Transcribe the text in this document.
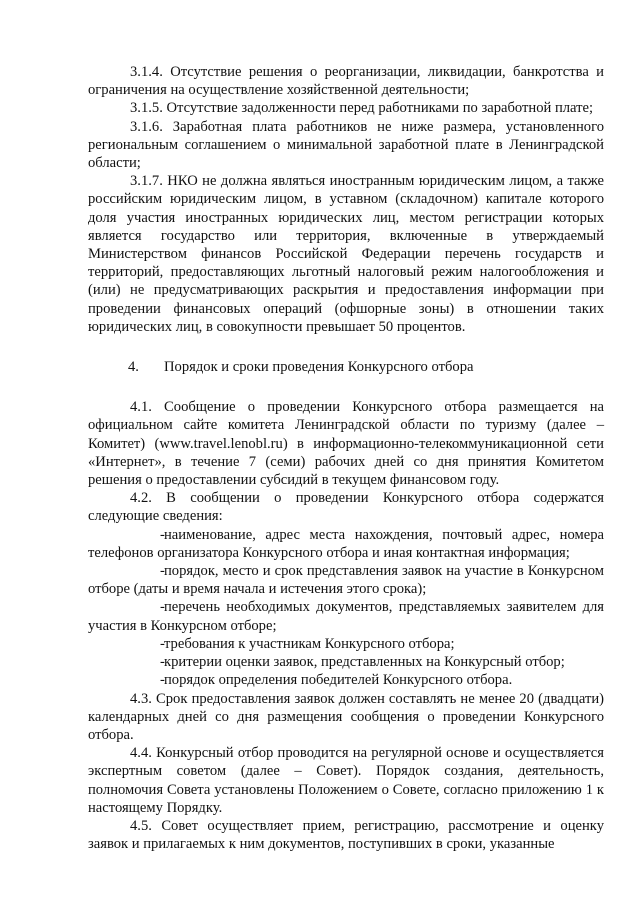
3.1.4. Отсутствие решения о реорганизации, ликвидации, банкротства и ограничения на осуществление хозяйственной деятельности;

3.1.5. Отсутствие задолженности перед работниками по заработной плате;

3.1.6. Заработная плата работников не ниже размера, установленного региональным соглашением о минимальной заработной плате в Ленинградской области;

3.1.7. НКО не должна являться иностранным юридическим лицом, а также российским юридическим лицом, в уставном (складочном) капитале которого доля участия иностранных юридических лиц, местом регистрации которых является государство или территория, включенные в утверждаемый Министерством финансов Российской Федерации перечень государств и территорий, предоставляющих льготный налоговый режим налогообложения и (или) не предусматривающих раскрытия и предоставления информации при проведении финансовых операций (офшорные зоны) в отношении таких юридических лиц, в совокупности превышает 50 процентов.

4. Порядок и сроки проведения Конкурсного отбора

4.1. Сообщение о проведении Конкурсного отбора размещается на официальном сайте комитета Ленинградской области по туризму (далее – Комитет) (www.travel.lenobl.ru) в информационно-телекоммуникационной сети «Интернет», в течение 7 (семи) рабочих дней со дня принятия Комитетом решения о предоставлении субсидий в текущем финансовом году.

4.2. В сообщении о проведении Конкурсного отбора содержатся следующие сведения:

-наименование, адрес места нахождения, почтовый адрес, номера телефонов организатора Конкурсного отбора и иная контактная информация;

-порядок, место и срок представления заявок на участие в Конкурсном отборе (даты и время начала и истечения этого срока);

-перечень необходимых документов, представляемых заявителем для участия в Конкурсном отборе;

-требования к участникам Конкурсного отбора;

-критерии оценки заявок, представленных на Конкурсный отбор;

-порядок определения победителей Конкурсного отбора.

4.3. Срок предоставления заявок должен составлять не менее 20 (двадцати) календарных дней со дня размещения сообщения о проведении Конкурсного отбора.

4.4. Конкурсный отбор проводится на регулярной основе и осуществляется экспертным советом (далее – Совет). Порядок создания, деятельность, полномочия Совета установлены Положением о Совете, согласно приложению 1 к настоящему Порядку.

4.5. Совет осуществляет прием, регистрацию, рассмотрение и оценку заявок и прилагаемых к ним документов, поступивших в сроки, указанные
